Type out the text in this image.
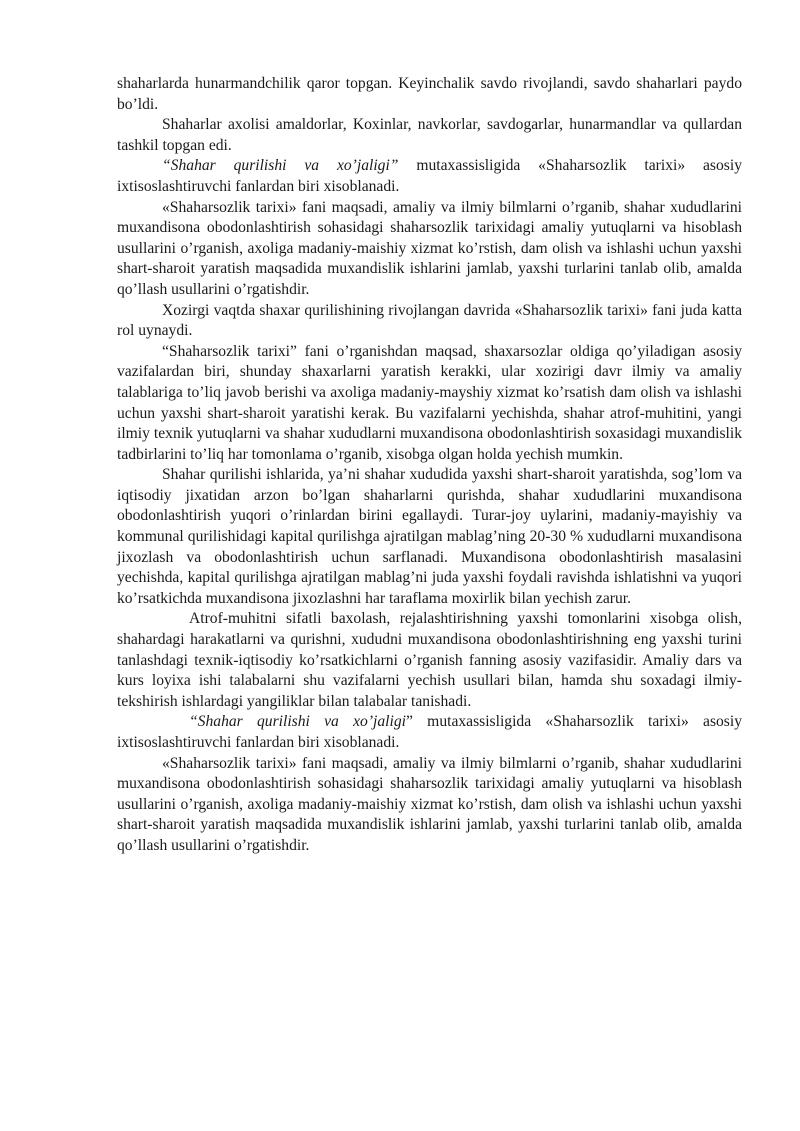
shaharlarda hunarmandchilik qaror topgan. Keyinchalik savdo rivojlandi, savdo shaharlari paydo bo’ldi.

Shaharlar axolisi amaldorlar, Koxinlar, navkorlar, savdogarlar, hunarmandlar va qullardan tashkil topgan edi.

“Shahar qurilishi va xo’jaligi” mutaxassisligida «Shaharsozlik tarixi» asosiy ixtisoslashtiruvchi fanlardan biri xisoblanadi.

«Shaharsozlik tarixi» fani maqsadi, amaliy va ilmiy bilmlarni o’rganib, shahar xududlarini muxandisona obodonlashtirish sohasidagi shaharsozlik tarixidagi amaliy yutuqlarni va hisoblash usullarini o’rganish, axoliga madaniy-maishiy xizmat ko’rstish, dam olish va ishlashi uchun yaxshi shart-sharoit yaratish maqsadida muxandislik ishlarini jamlab, yaxshi turlarini tanlab olib, amalda qo’llash usullarini o’rgatishdir.

Xozirgi vaqtda shaxar qurilishining rivojlangan davrida «Shaharsozlik tarixi» fani juda katta rol uynaydi.

“Shaharsozlik tarixi” fani o’rganishdan maqsad, shaxarsozlar oldiga qo’yiladigan asosiy vazifalardan biri, shunday shaxarlarni yaratish kerakki, ular xozirigi davr ilmiy va amaliy talablariga to’liq javob berishi va axoliga madaniy-mayshiy xizmat ko’rsatish dam olish va ishlashi uchun yaxshi shart-sharoit yaratishi kerak. Bu vazifalarni yechishda, shahar atrof-muhitini, yangi ilmiy texnik yutuqlarni va shahar xududlarni muxandisona obodonlashtirish soxasidagi muxandislik tadbirlarini to’liq har tomonlama o’rganib, xisobga olgan holda yechish mumkin.

Shahar qurilishi ishlarida, ya’ni shahar xududida yaxshi shart-sharoit yaratishda, sog’lom va iqtisodiy jixatidan arzon bo’lgan shaharlarni qurishda, shahar xududlarini muxandisona obodonlashtirish yuqori o’rinlardan birini egallaydi. Turar-joy uylarini, madaniy-mayishiy va kommunal qurilishidagi kapital qurilishga ajratilgan mablag’ning 20-30 % xududlarni muxandisona jixozlash va obodonlashtirish uchun sarflanadi. Muxandisona obodonlashtirish masalasini yechishda, kapital qurilishga ajratilgan mablag’ni juda yaxshi foydali ravishda ishlatishni va yuqori ko’rsatkichda muxandisona jixozlashni har taraflama moxirlik bilan yechish zarur.

Atrof-muhitni sifatli baxolash, rejalashtirishning yaxshi tomonlarini xisobga olish, shahardagi harakatlarni va qurishni, xududni muxandisona obodonlashtirishning eng yaxshi turini tanlashdagi texnik-iqtisodiy ko’rsatkichlarni o’rganish fanning asosiy vazifasidir. Amaliy dars va kurs loyixa ishi talabalarni shu vazifalarni yechish usullari bilan, hamda shu soxadagi ilmiy-tekshirish ishlardagi yangiliklar bilan talabalar tanishadi.

“Shahar qurilishi va xo’jaligi” mutaxassisligida «Shaharsozlik tarixi» asosiy ixtisoslashtiruvchi fanlardan biri xisoblanadi.

«Shaharsozlik tarixi» fani maqsadi, amaliy va ilmiy bilmlarni o’rganib, shahar xududlarini muxandisona obodonlashtirish sohasidagi shaharsozlik tarixidagi amaliy yutuqlarni va hisoblash usullarini o’rganish, axoliga madaniy-maishiy xizmat ko’rstish, dam olish va ishlashi uchun yaxshi shart-sharoit yaratish maqsadida muxandislik ishlarini jamlab, yaxshi turlarini tanlab olib, amalda qo’llash usullarini o’rgatishdir.
